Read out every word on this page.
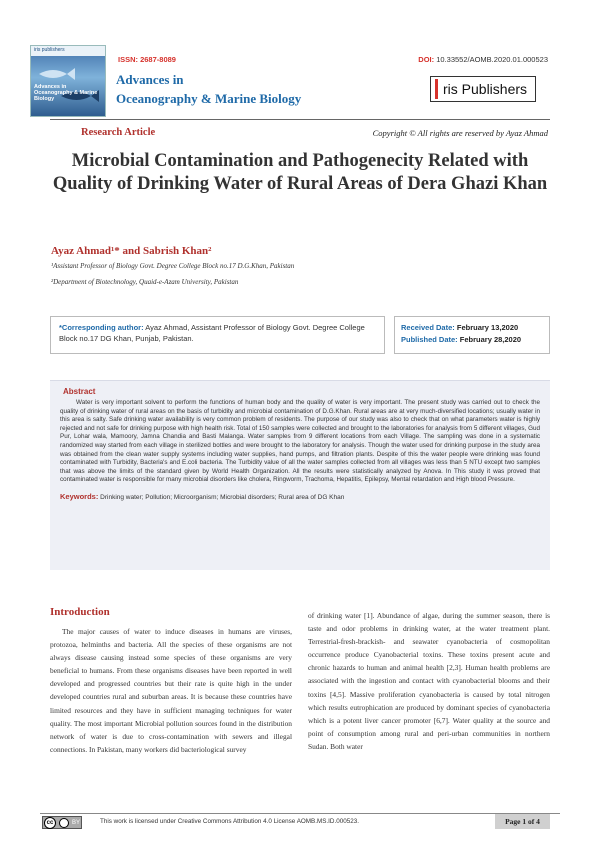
iris publishers
Advances in Oceanography & Marine Biology
ISSN: 2687-8089
Advances in
Oceanography & Marine Biology
DOI: 10.33552/AOMB.2020.01.000523
ris Publishers
Research Article	Copyright © All rights are reserved by Ayaz Ahmad
Microbial Contamination and Pathogenecity Related with Quality of Drinking Water of Rural Areas of Dera Ghazi Khan
Ayaz Ahmad¹* and Sabrish Khan²
¹Assistant Professor of Biology Govt. Degree College Block no.17 D.G.Khan, Pakistan
²Department of Biotechnology, Quaid-e-Azam University, Pakistan
*Corresponding author: Ayaz Ahmad, Assistant Professor of Biology Govt. Degree College Block no.17 DG Khan, Punjab, Pakistan.
Received Date: February 13,2020
Published Date: February 28,2020
Abstract
Water is very important solvent to perform the functions of human body and the quality of water is very important. The present study was carried out to check the quality of drinking water of rural areas on the basis of turbidity and microbial contamination of D.G.Khan. Rural areas are at very much-diversified locations; usually water in this area is salty. Safe drinking water availability is very common problem of residents. The purpose of our study was also to check that on what parameters water is highly rejected and not safe for drinking purpose with high health risk. Total of 150 samples were collected and brought to the laboratories for analysis from 5 different villages, Gud Pur, Lohar wala, Mamoory, Jamna Chandia and Basti Malanga. Water samples from 9 different locations from each Village. The sampling was done in a systematic randomized way started from each village in sterilized bottles and were brought to the laboratory for analysis. Though the water used for drinking purpose in the study area was obtained from the clean water supply systems including water supplies, hand pumps, and filtration plants. Despite of this the water people were drinking was found contaminated with Turbidity, Bacteria's and E.coli bacteria. The Turbidity value of all the water samples collected from all villages was less than 5 NTU except two samples that was above the limits of the standard given by World Health Organization. All the results were statistically analyzed by Anova. In This study it was proved that contaminated water is responsible for many microbial disorders like cholera, Ringworm, Trachoma, Hepatitis, Epilepsy, Mental retardation and High blood Pressure.
Keywords: Drinking water; Pollution; Microorganism; Microbial disorders; Rural area of DG Khan
Introduction
The major causes of water to induce diseases in humans are viruses, protozoa, helminths and bacteria. All the species of these organisms are not always disease causing instead some species of these organisms are very beneficial to humans. From these organisms diseases have been reported in well developed and progressed countries but their rate is quite high in the under developed countries rural and suburban areas. It is because these countries have limited resources and they have in sufficient managing techniques for water quality. The most important Microbial pollution sources found in the distribution network of water is due to cross-contamination with sewers and illegal connections. In Pakistan, many workers did bacteriological survey
of drinking water [1]. Abundance of algae, during the summer season, there is taste and odor problems in drinking water, at the water treatment plant. Terrestrial-fresh-brackish- and seawater cyanobacteria of cosmopolitan occurrence produce Cyanobacterial toxins. These toxins present acute and chronic hazards to human and animal health [2,3]. Human health problems are associated with the ingestion and contact with cyanobacterial blooms and their toxins [4,5]. Massive proliferation cyanobacteria is caused by total nitrogen which results eutrophication are produced by dominant species of cyanobacteria which is a potent liver cancer promoter [6,7]. Water quality at the source and point of consumption among rural and peri-urban communities in northern Sudan. Both water
cc	BY	This work is licensed under Creative Commons Attribution 4.0 License AOMB.MS.ID.000523.	Page 1 of 4
